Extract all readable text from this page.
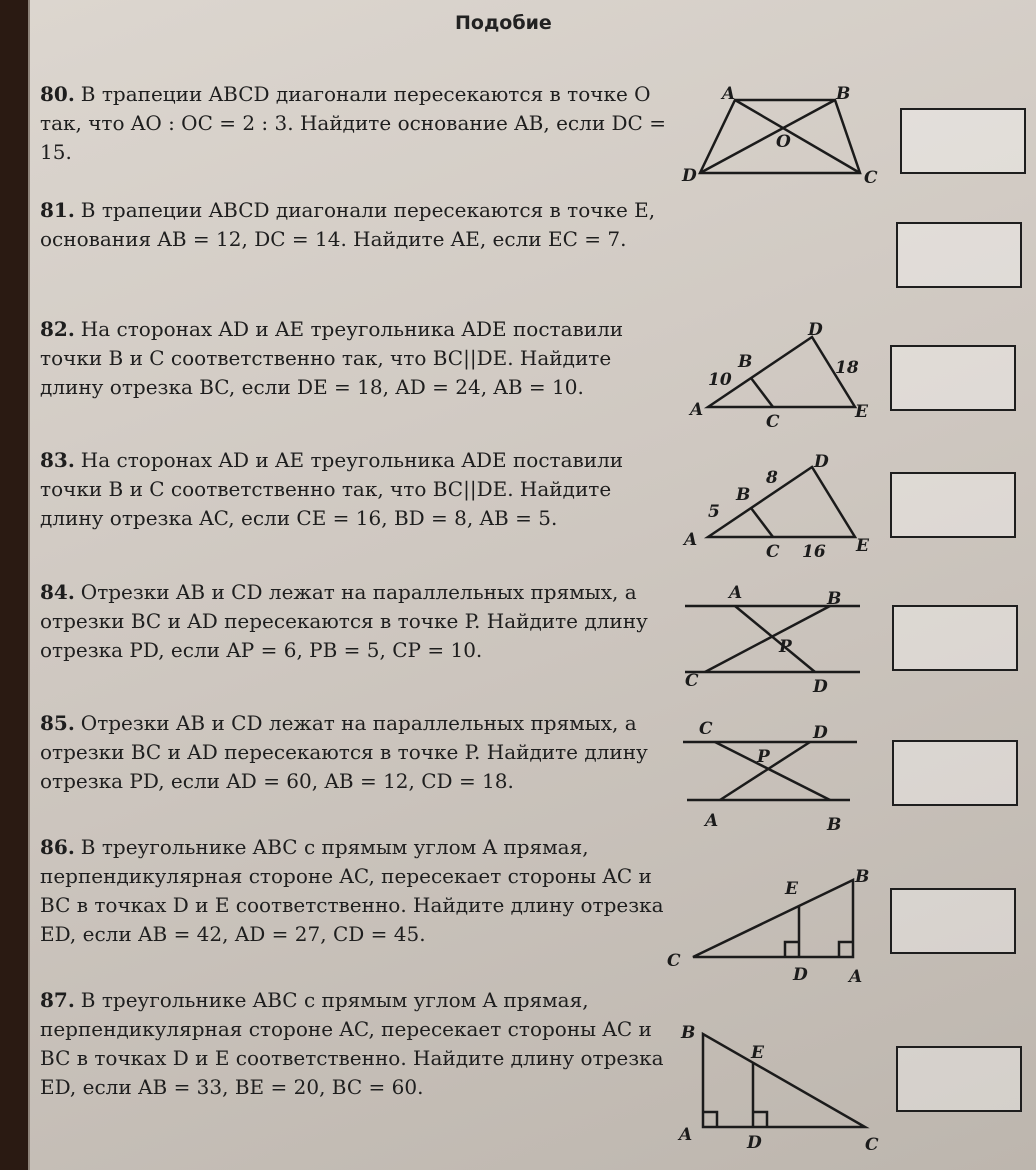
Подобие
80. В трапеции ABCD диагонали пересекаются в точке O так, что AO : OC = 2 : 3. Найдите основание AB, если DC = 15.
81. В трапеции ABCD диагонали пересекаются в точке E, основания AB = 12, DC = 14. Найдите AE, если EC = 7.
82. На сторонах AD и AE треугольника ADE поставили точки B и C соответственно так, что BC||DE. Найдите длину отрезка BC, если DE = 18, AD = 24, AB = 10.
83. На сторонах AD и AE треугольника ADE поставили точки B и C соответственно так, что BC||DE. Найдите длину отрезка AC, если CE = 16, BD = 8, AB = 5.
84. Отрезки AB и CD лежат на параллельных прямых, а отрезки BC и AD пересекаются в точке P. Найдите длину отрезка PD, если AP = 6, PB = 5, CP = 10.
85. Отрезки AB и CD лежат на параллельных прямых, а отрезки BC и AD пересекаются в точке P. Найдите длину отрезка PD, если AD = 60, AB = 12, CD = 18.
86. В треугольнике ABC с прямым углом A прямая, перпендикулярная стороне AC, пересекает стороны AC и BC в точках D и E соответственно. Найдите длину отрезка ED, если AB = 42, AD = 27, CD = 45.
87. В треугольнике ABC с прямым углом A прямая, перпендикулярная стороне AC, пересекает стороны AC и BC в точках D и E соответственно. Найдите длину отрезка ED, если AB = 33, BE = 20, BC = 60.
A	B
O
D	C
D
B
A
C	E
10
18
D
B
A
C	E
8
5
16
A	B
P
C	D
C	D
P
A	B
E
B
C
D A
B
E
A	D	C
